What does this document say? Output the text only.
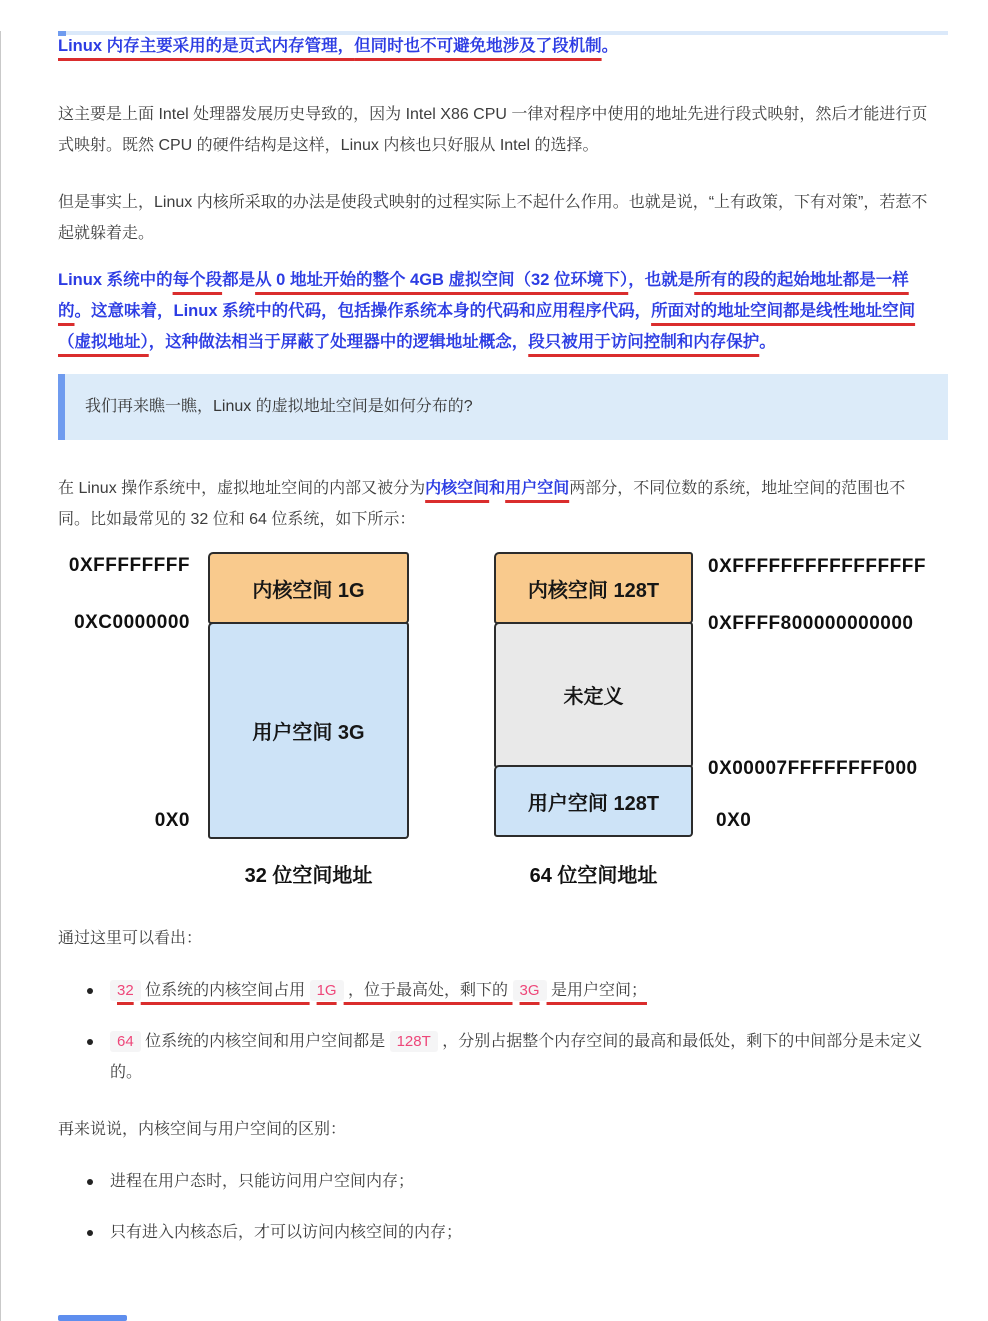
Linux 内存主要采用的是页式内存管理，但同时也不可避免地涉及了段机制。

这主要是上面 Intel 处理器发展历史导致的，因为 Intel X86 CPU 一律对程序中使用的地址先进行段式映射，然后才能进行页式映射。既然 CPU 的硬件结构是这样，Linux 内核也只好服从 Intel 的选择。

但是事实上，Linux 内核所采取的办法是使段式映射的过程实际上不起什么作用。也就是说，“上有政策，下有对策”，若惹不起就躲着走。

Linux 系统中的每个段都是从 0 地址开始的整个 4GB 虚拟空间（32 位环境下），也就是所有的段的起始地址都是一样的。这意味着，Linux 系统中的代码，包括操作系统本身的代码和应用程序代码，所面对的地址空间都是线性地址空间（虚拟地址），这种做法相当于屏蔽了处理器中的逻辑地址概念，段只被用于访问控制和内存保护。

我们再来瞧一瞧，Linux 的虚拟地址空间是如何分布的?

在 Linux 操作系统中，虚拟地址空间的内部又被分为内核空间和用户空间两部分，不同位数的系统，地址空间的范围也不同。比如最常见的 32 位和 64 位系统，如下所示：

0XFFFFFFFF
0XC0000000
0X0
内核空间 1G
用户空间 3G
32 位空间地址
内核空间 128T
未定义
用户空间 128T
0XFFFFFFFFFFFFFFFF
0XFFFF800000000000
0X00007FFFFFFFF000
0X0
64 位空间地址

通过这里可以看出：

32 位系统的内核空间占用 1G ，位于最高处，剩下的 3G 是用户空间；
64 位系统的内核空间和用户空间都是 128T ，分别占据整个内存空间的最高和最低处，剩下的中间部分是未定义的。

再来说说，内核空间与用户空间的区别：

进程在用户态时，只能访问用户空间内存；
只有进入内核态后，才可以访问内核空间的内存；
